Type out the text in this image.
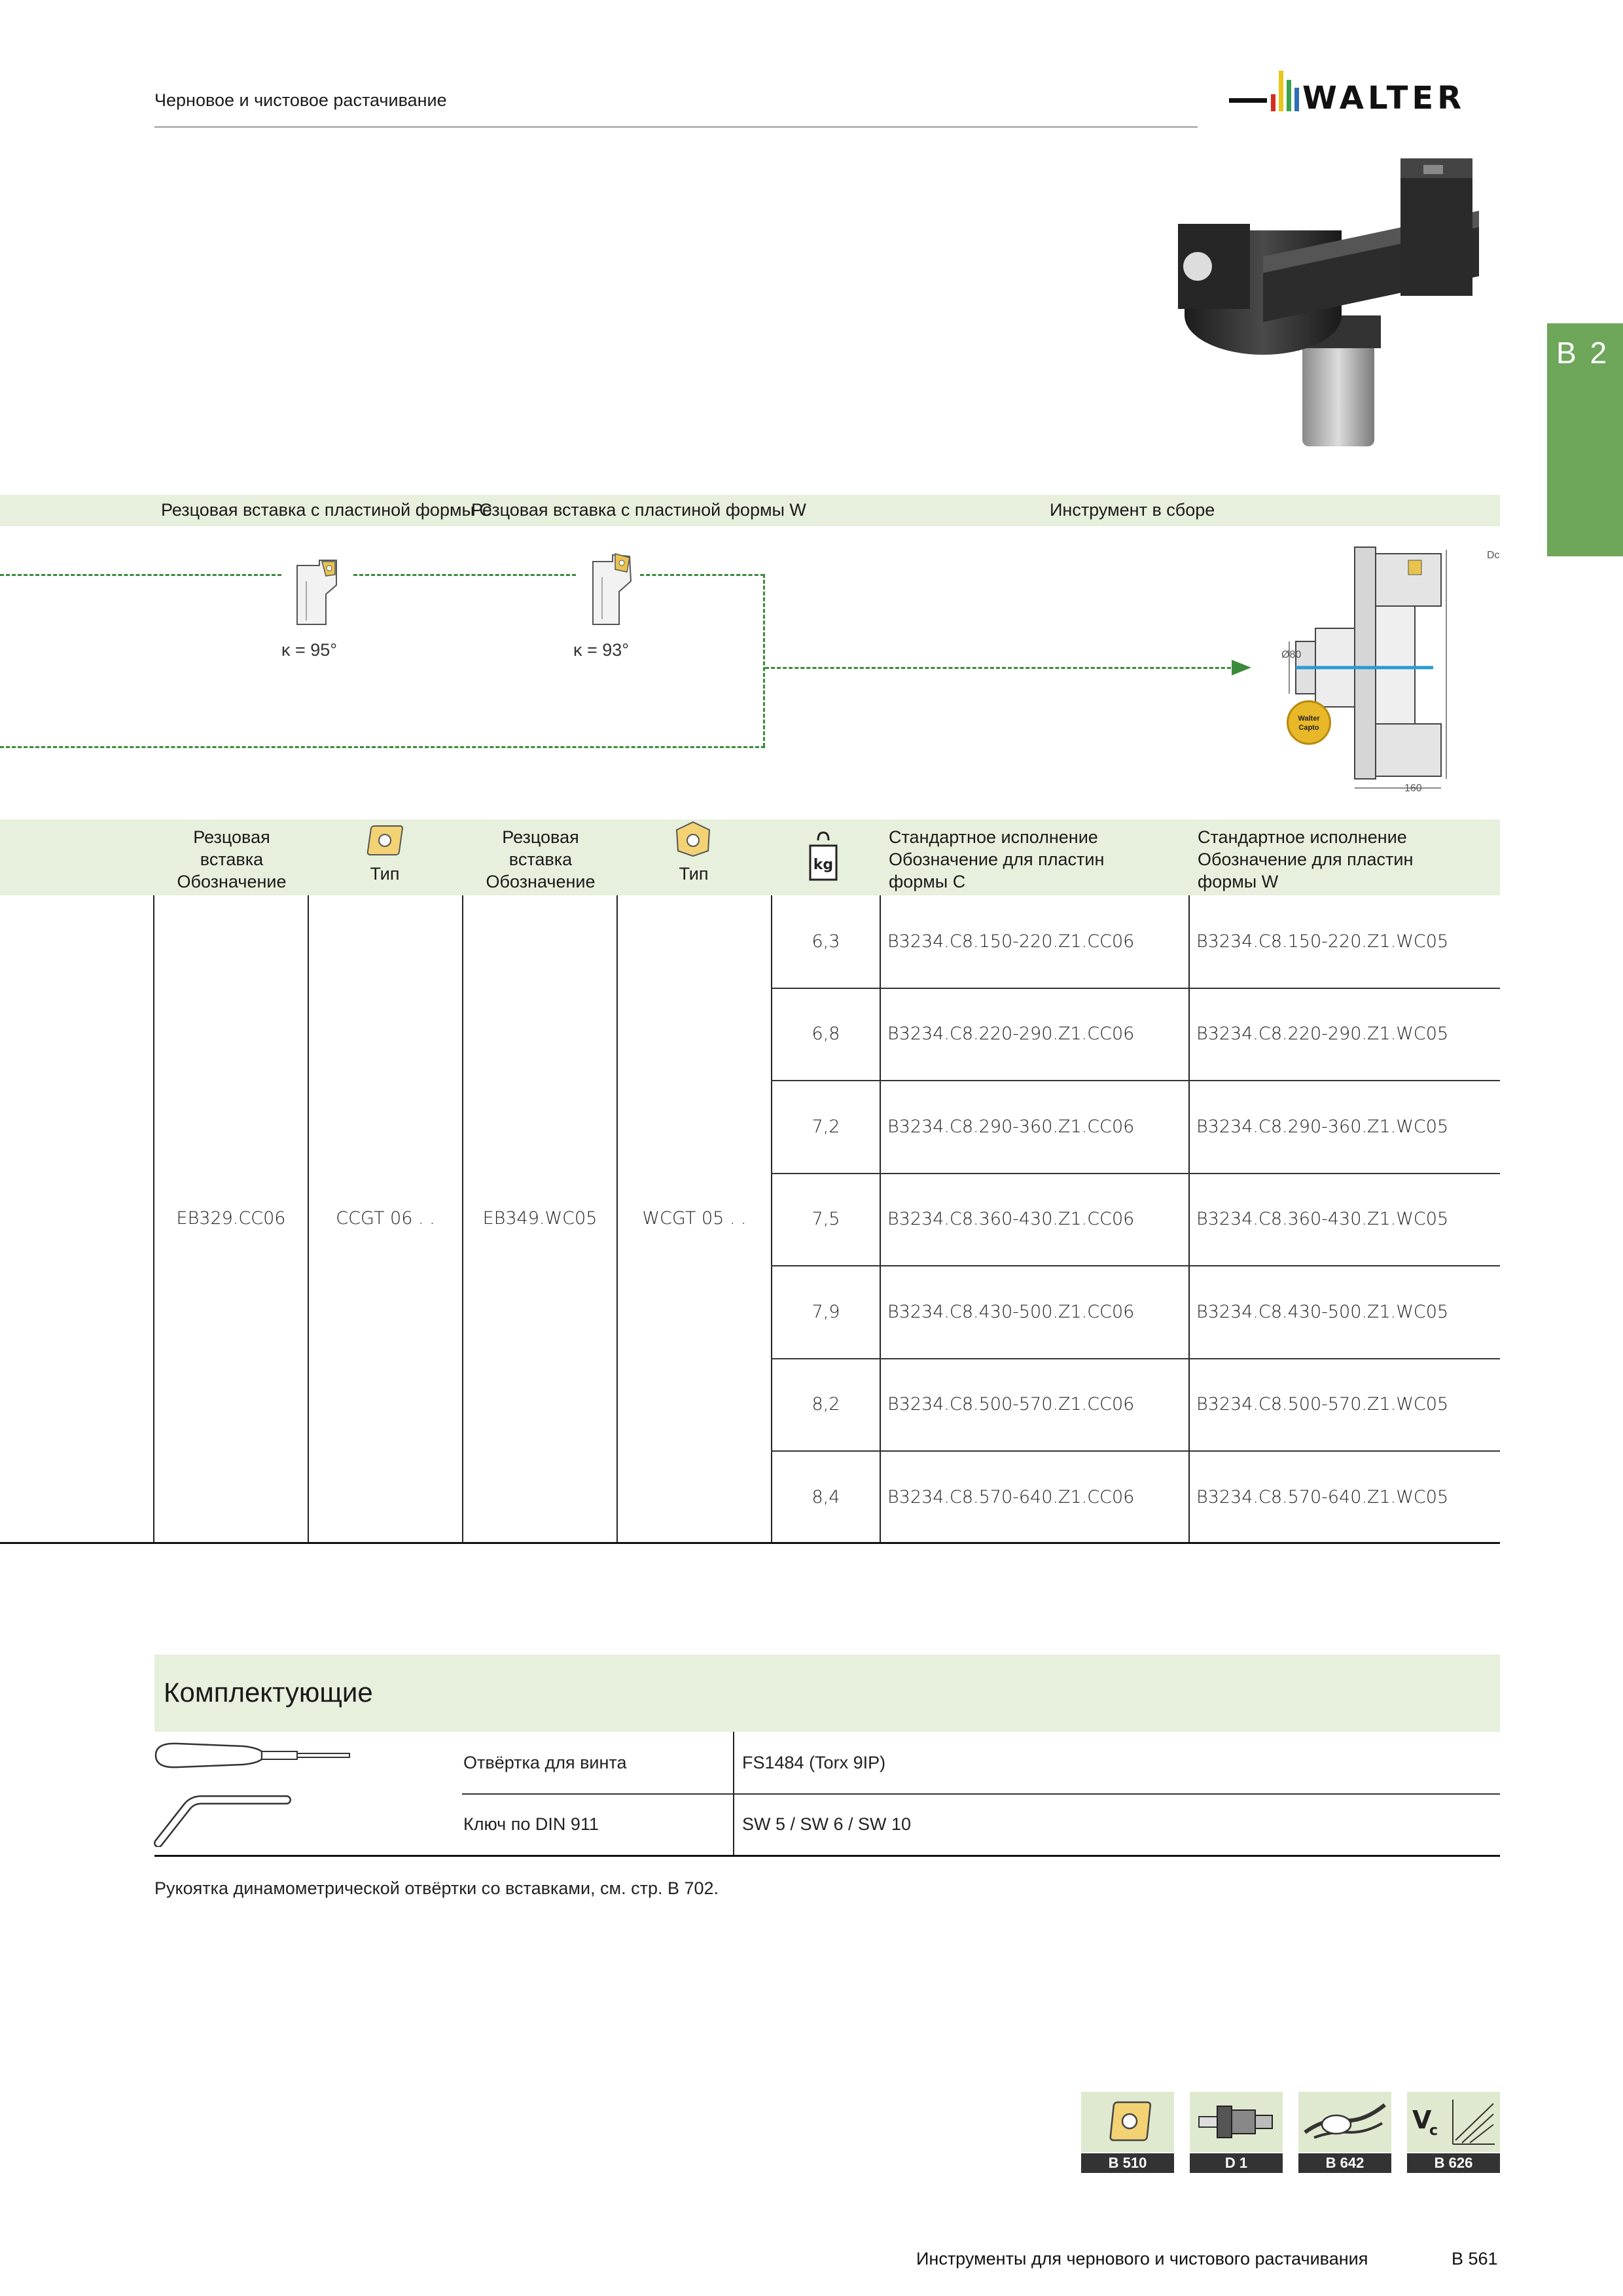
Черновое и чистовое растачивание	WALTER
B 2
Резцовая вставка с пластиной формы C
Резцовая вставка с пластиной формы W	Инструмент в сборе
κ = 95°	κ = 93°
Dc
Ø80
160
Walter Capto
Резцовая
вставка
Обозначение	Тип
Резцовая
вставка
Обозначение	Тип	kg
Стандартное исполнение
Обозначение для пластин
формы C
Стандартное исполнение
Обозначение для пластин
формы W
EB329.CC06	CCGT 06 . .	EB349.WC05	WCGT 05 . .
6,3	B3234.C8.150-220.Z1.CC06	B3234.C8.150-220.Z1.WC05
6,8	B3234.C8.220-290.Z1.CC06	B3234.C8.220-290.Z1.WC05
7,2	B3234.C8.290-360.Z1.CC06	B3234.C8.290-360.Z1.WC05
7,5	B3234.C8.360-430.Z1.CC06	B3234.C8.360-430.Z1.WC05
7,9	B3234.C8.430-500.Z1.CC06	B3234.C8.430-500.Z1.WC05
8,2	B3234.C8.500-570.Z1.CC06	B3234.C8.500-570.Z1.WC05
8,4	B3234.C8.570-640.Z1.CC06	B3234.C8.570-640.Z1.WC05
Комплектующие
Отвёртка для винта	FS1484 (Torx 9IP)
Ключ по DIN 911	SW 5 / SW 6 / SW 10
Рукоятка динамометрической отвёртки со вставками, см. стр. B 702.
B 510	D 1	B 642
V
c
B 626
Инструменты для чернового и чистового растачивания	B 561
